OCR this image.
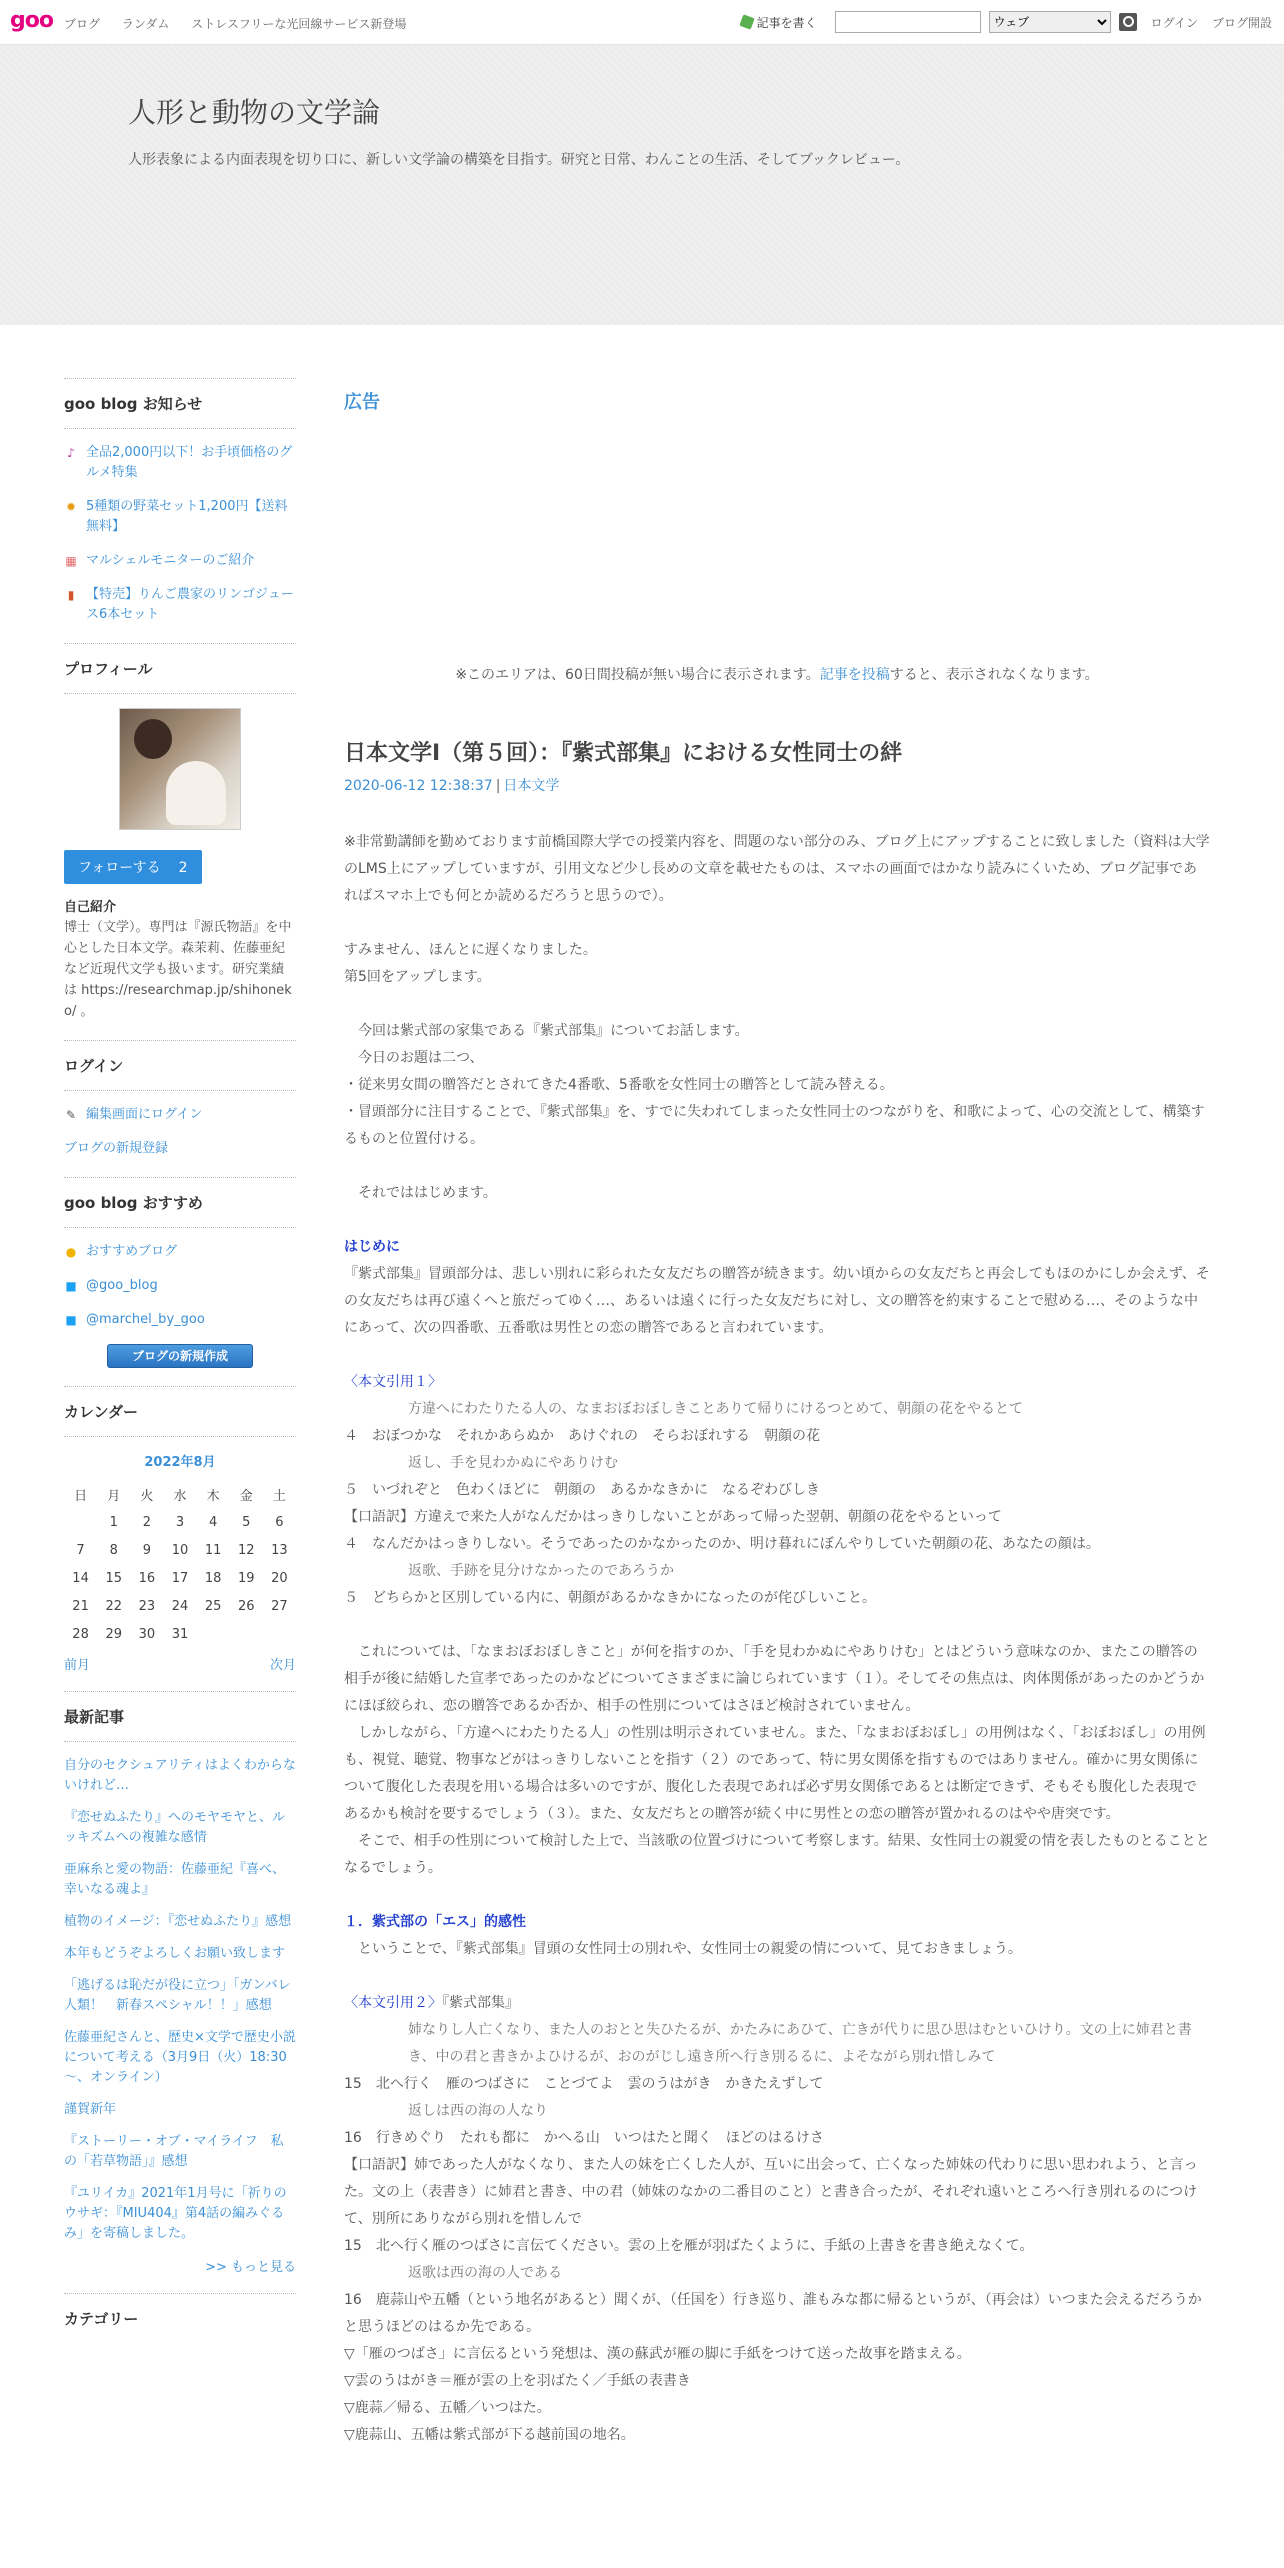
goo ブログ ランダム ストレスフリーな光回線サービス新登場	記事を書く
ウェブ	ログイン ブログ開設
人形と動物の文学論

人形表象による内面表現を切り口に、新しい文学論の構築を目指す。研究と日常、わんことの生活、そしてブックレビュー。

goo blog お知らせ
♪ 全品2,000円以下！お手頃価格のグルメ特集
✹ 5種類の野菜セット1,200円【送料無料】
▦ マルシェルモニターのご紹介
▮ 【特売】りんご農家のリンゴジュース6本セット
プロフィール
フォローする 2
自己紹介
博士（文学）。専門は『源氏物語』を中心とした日本文学。森茉莉、佐藤亜紀など近現代文学も扱います。研究業績は https://researchmap.jp/shihoneko/ 。
ログイン
✎ 編集画面にログイン
ブログの新規登録
goo blog おすすめ
● おすすめブログ
■ @goo_blog
■ @marchel_by_goo
ブログの新規作成
カレンダー
2022年8月
日	月	火	水	木	金	土
	1	2	3	4	5	6
7	8	9	10	11	12	13
14	15	16	17	18	19	20
21	22	23	24	25	26	27
28	29	30	31			
前月	次月
最新記事
自分のセクシュアリティはよくわからないけれど…
『恋せぬふたり』へのモヤモヤと、ルッキズムへの複雑な感情
亜麻糸と愛の物語：佐藤亜紀『喜べ、幸いなる魂よ』
植物のイメージ：『恋せぬふたり』感想
本年もどうぞよろしくお願い致します
「逃げるは恥だが役に立つ」「ガンバレ人類！　新春スペシャル！！」感想
佐藤亜紀さんと、歴史×文学で歴史小説について考える（3月9日（火）18:30～、オンライン）
謹賀新年
『ストーリー・オブ・マイライフ　私の「若草物語」』感想
『ユリイカ』2021年1月号に「祈りのウサギ：『MIU404』第4話の編みぐるみ」を寄稿しました。
>> もっと見る
カテゴリー
広告
※このエリアは、60日間投稿が無い場合に表示されます。記事を投稿すると、表示されなくなります。
日本文学Ⅰ（第５回）：『紫式部集』における女性同士の絆
2020-06-12 12:38:37 | 日本文学

※非常勤講師を勤めております前橋国際大学での授業内容を、問題のない部分のみ、ブログ上にアップすることに致しました（資料は大学のLMS上にアップしていますが、引用文など少し長めの文章を載せたものは、スマホの画面ではかなり読みにくいため、ブログ記事であればスマホ上でも何とか読めるだろうと思うので）。

すみません、ほんとに遅くなりました。

第5回をアップします。

　今回は紫式部の家集である『紫式部集』についてお話します。

　今日のお題は二つ、

・従来男女間の贈答だとされてきた4番歌、5番歌を女性同士の贈答として読み替える。

・冒頭部分に注目することで、『紫式部集』を、すでに失われてしまった女性同士のつながりを、和歌によって、心の交流として、構築するものと位置付ける。

　それでははじめます。

はじめに

『紫式部集』冒頭部分は、悲しい別れに彩られた女友だちの贈答が続きます。幼い頃からの女友だちと再会してもほのかにしか会えず、その女友だちは再び遠くへと旅だってゆく…、あるいは遠くに行った女友だちに対し、文の贈答を約束することで慰める…、そのような中にあって、次の四番歌、五番歌は男性との恋の贈答であると言われています。

〈本文引用１〉

方違へにわたりたる人の、なまおぼおぼしきことありて帰りにけるつとめて、朝顔の花をやるとて

４　おぼつかな　それかあらぬか　あけぐれの　そらおぼれする　朝顔の花

返し、手を見わかぬにやありけむ

５　いづれぞと　色わくほどに　朝顔の　あるかなきかに　なるぞわびしき

【口語訳】方違えで来た人がなんだかはっきりしないことがあって帰った翌朝、朝顔の花をやるといって

４　なんだかはっきりしない。そうであったのかなかったのか、明け暮れにぼんやりしていた朝顔の花、あなたの顔は。

返歌、手跡を見分けなかったのであろうか

５　どちらかと区別している内に、朝顔があるかなきかになったのが侘びしいこと。

　これについては、「なまおぼおぼしきこと」が何を指すのか、「手を見わかぬにやありけむ」とはどういう意味なのか、またこの贈答の相手が後に結婚した宣孝であったのかなどについてさまざまに論じられています（１）。そしてその焦点は、肉体関係があったのかどうかにほぼ絞られ、恋の贈答であるか否か、相手の性別についてはさほど検討されていません。

　しかしながら、「方違へにわたりたる人」の性別は明示されていません。また、「なまおぼおぼし」の用例はなく、「おぼおぼし」の用例も、視覚、聴覚、物事などがはっきりしないことを指す（２）のであって、特に男女関係を指すものではありません。確かに男女関係について腹化した表現を用いる場合は多いのですが、腹化した表現であれば必ず男女関係であるとは断定できず、そもそも腹化した表現であるかも検討を要するでしょう（３）。また、女友だちとの贈答が続く中に男性との恋の贈答が置かれるのはやや唐突です。

　そこで、相手の性別について検討した上で、当該歌の位置づけについて考察します。結果、女性同士の親愛の情を表したものとることとなるでしょう。

１．紫式部の「エス」的感性

　ということで、『紫式部集』冒頭の女性同士の別れや、女性同士の親愛の情について、見ておきましょう。

〈本文引用２〉『紫式部集』

姉なりし人亡くなり、また人のおとと失ひたるが、かたみにあひて、亡きが代りに思ひ思はむといひけり。文の上に姉君と書き、中の君と書きかよひけるが、おのがじし遠き所へ行き別るるに、よそながら別れ惜しみて

15　北へ行く　雁のつばさに　ことづてよ　雲のうはがき　かきたえずして

返しは西の海の人なり

16　行きめぐり　たれも都に　かへる山　いつはたと聞く　ほどのはるけさ

【口語訳】姉であった人がなくなり、また人の妹を亡くした人が、互いに出会って、亡くなった姉妹の代わりに思い思われよう、と言った。文の上（表書き）に姉君と書き、中の君（姉妹のなかの二番目のこと）と書き合ったが、それぞれ遠いところへ行き別れるのにつけて、別所にありながら別れを惜しんで

15　北へ行く雁のつばさに言伝てください。雲の上を雁が羽ばたくように、手紙の上書きを書き絶えなくて。

返歌は西の海の人である

16　鹿蒜山や五幡（という地名があると）聞くが、（任国を）行き巡り、誰もみな都に帰るというが、（再会は）いつまた会えるだろうかと思うほどのはるか先である。

▽「雁のつばさ」に言伝るという発想は、漢の蘇武が雁の脚に手紙をつけて送った故事を踏まえる。

▽雲のうはがき＝雁が雲の上を羽ばたく／手紙の表書き

▽鹿蒜／帰る、五幡／いつはた。

▽鹿蒜山、五幡は紫式部が下る越前国の地名。
